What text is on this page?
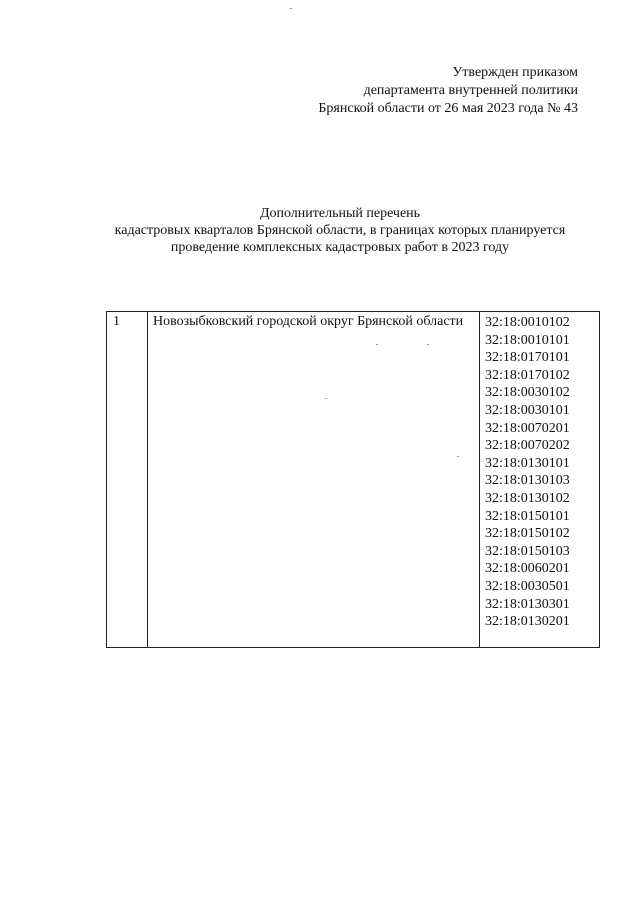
Утвержден приказом
департамента внутренней политики
Брянской области от 26 мая 2023 года № 43
Дополнительный перечень
кадастровых кварталов Брянской области, в границах которых планируется
проведение комплексных кадастровых работ в 2023 году
1	Новозыбковский городской округ Брянской области	32:18:0010102
32:18:0010101
32:18:0170101
32:18:0170102
32:18:0030102
32:18:0030101
32:18:0070201
32:18:0070202
32:18:0130101
32:18:0130103
32:18:0130102
32:18:0150101
32:18:0150102
32:18:0150103
32:18:0060201
32:18:0030501
32:18:0130301
32:18:0130201
